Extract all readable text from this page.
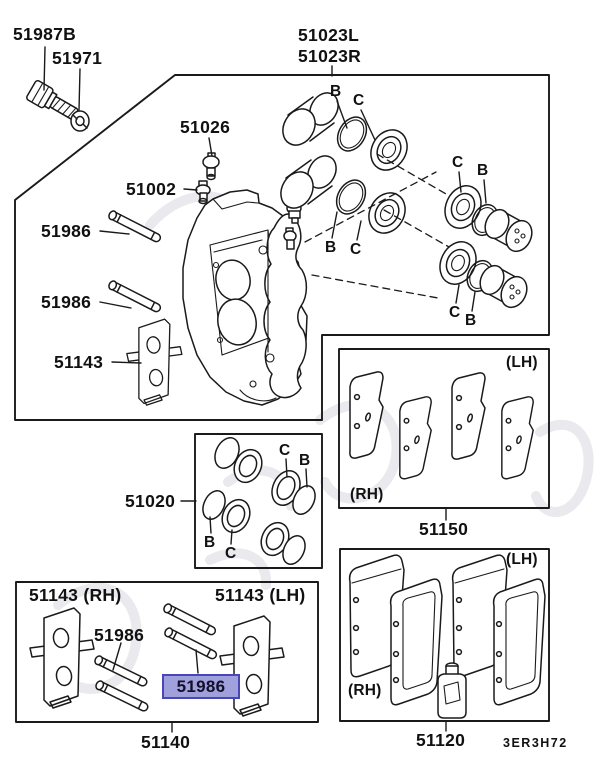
51987B
51971
51023L
51023R
51026
51002
51986
51986
51143
51020
51150
51120
51140
51143 (RH)	51143 (LH)
51986
51986
B
C
B C
C B
C B
C
B
B
C
(LH)
(RH)
(LH)
(RH)
3ER3H72
